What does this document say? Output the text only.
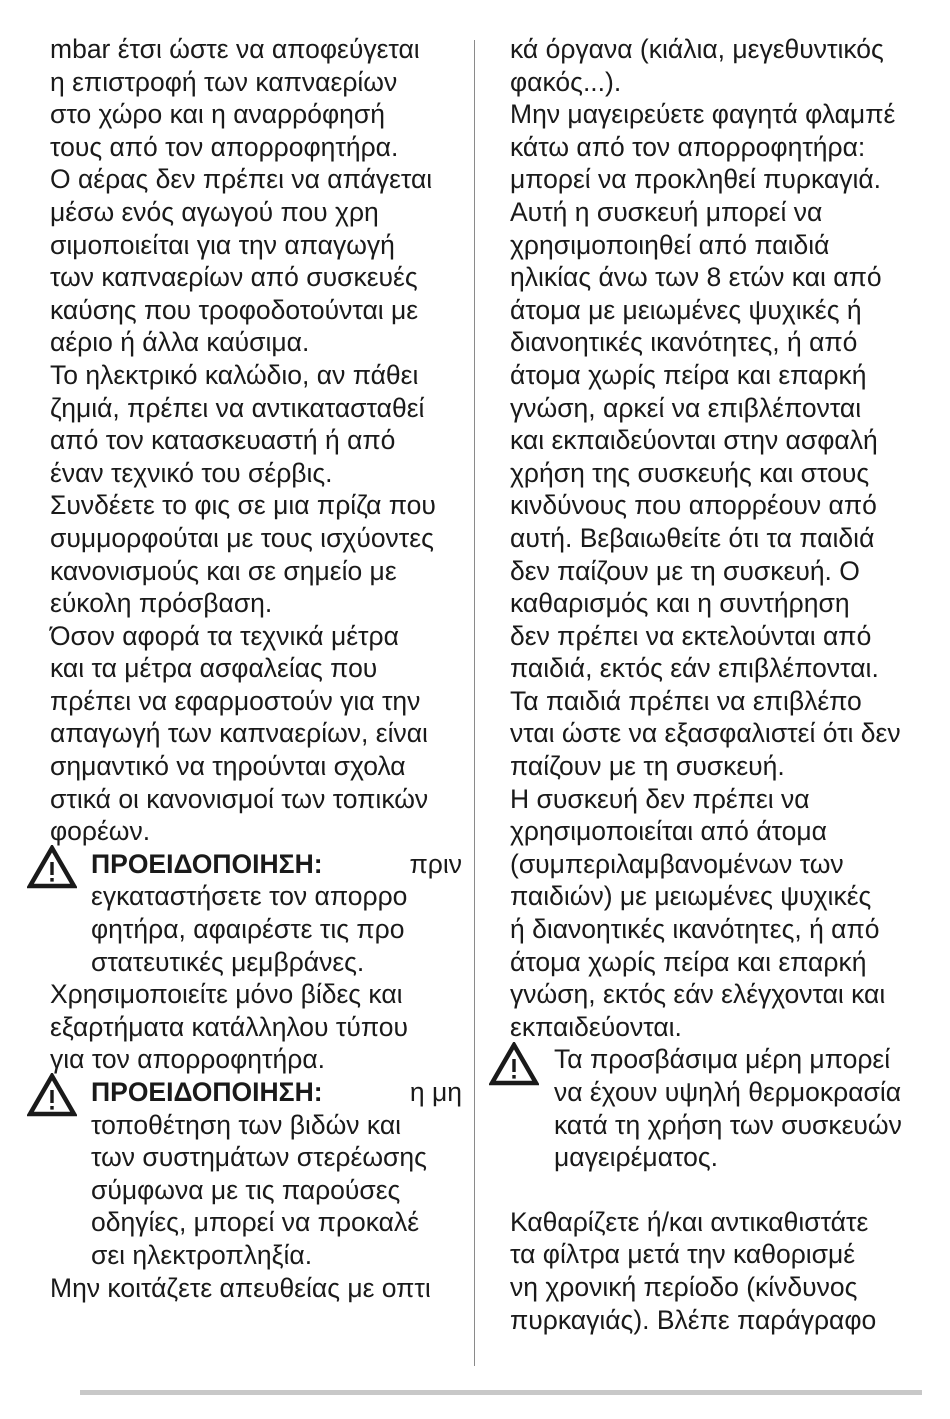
mbar έτσι ώστε να αποφεύγεται
η επιστροφή των καπναερίων
στο χώρο και η αναρρόφησή
τους από τον απορροφητήρα.
Ο αέρας δεν πρέπει να απάγεται
μέσω ενός αγωγού που χρη
σιμοποιείται για την απαγωγή
των καπναερίων από συσκευές
καύσης που τροφοδοτούνται με
αέριο ή άλλα καύσιμα.
Το ηλεκτρικό καλώδιο, αν πάθει
ζημιά, πρέπει να αντικατασταθεί
από τον κατασκευαστή ή από
έναν τεχνικό του σέρβις.
Συνδέετε το φις σε μια πρίζα που
συμμορφούται με τους ισχύοντες
κανονισμούς και σε σημείο με
εύκολη πρόσβαση.
Όσον αφορά τα τεχνικά μέτρα
και τα μέτρα ασφαλείας που
πρέπει να εφαρμοστούν για την
απαγωγή των καπναερίων, είναι
σημαντικό να τηρούνται σχολα
στικά οι κανονισμοί των τοπικών
φορέων.
ΠΡΟΕΙΔΟΠΟΙΗΣΗ:	πριν
εγκαταστήσετε τον απορρο
φητήρα, αφαιρέστε τις προ
στατευτικές μεμβράνες.
Χρησιμοποιείτε μόνο βίδες και
εξαρτήματα κατάλληλου τύπου
για τον απορροφητήρα.
ΠΡΟΕΙΔΟΠΟΙΗΣΗ:	η μη
τοποθέτηση των βιδών και
των συστημάτων στερέωσης
σύμφωνα με τις παρούσες
οδηγίες, μπορεί να προκαλέ
σει ηλεκτροπληξία.
Μην κοιτάζετε απευθείας με οπτι
κά όργανα (κιάλια, μεγεθυντικός
φακός...).
Μην μαγειρεύετε φαγητά φλαμπέ
κάτω από τον απορροφητήρα:
μπορεί να προκληθεί πυρκαγιά.
Αυτή η συσκευή μπορεί να
χρησιμοποιηθεί από παιδιά
ηλικίας άνω των 8 ετών και από
άτομα με μειωμένες ψυχικές ή
διανοητικές ικανότητες, ή από
άτομα χωρίς πείρα και επαρκή
γνώση, αρκεί να επιβλέπονται
και εκπαιδεύονται στην ασφαλή
χρήση της συσκευής και στους
κινδύνους που απορρέουν από
αυτή. Βεβαιωθείτε ότι τα παιδιά
δεν παίζουν με τη συσκευή. Ο
καθαρισμός και η συντήρηση
δεν πρέπει να εκτελούνται από
παιδιά, εκτός εάν επιβλέπονται.
Τα παιδιά πρέπει να επιβλέπο
νται ώστε να εξασφαλιστεί ότι δεν
παίζουν με τη συσκευή.
Η συσκευή δεν πρέπει να
χρησιμοποιείται από άτομα
(συμπεριλαμβανομένων των
παιδιών) με μειωμένες ψυχικές
ή διανοητικές ικανότητες, ή από
άτομα χωρίς πείρα και επαρκή
γνώση, εκτός εάν ελέγχονται και
εκπαιδεύονται.
Τα προσβάσιμα μέρη μπορεί
να έχουν υψηλή θερμοκρασία
κατά τη χρήση των συσκευών
μαγειρέματος.
Καθαρίζετε ή/και αντικαθιστάτε
τα φίλτρα μετά την καθορισμέ
νη χρονική περίοδο (κίνδυνος
πυρκαγιάς). Βλέπε παράγραφο
